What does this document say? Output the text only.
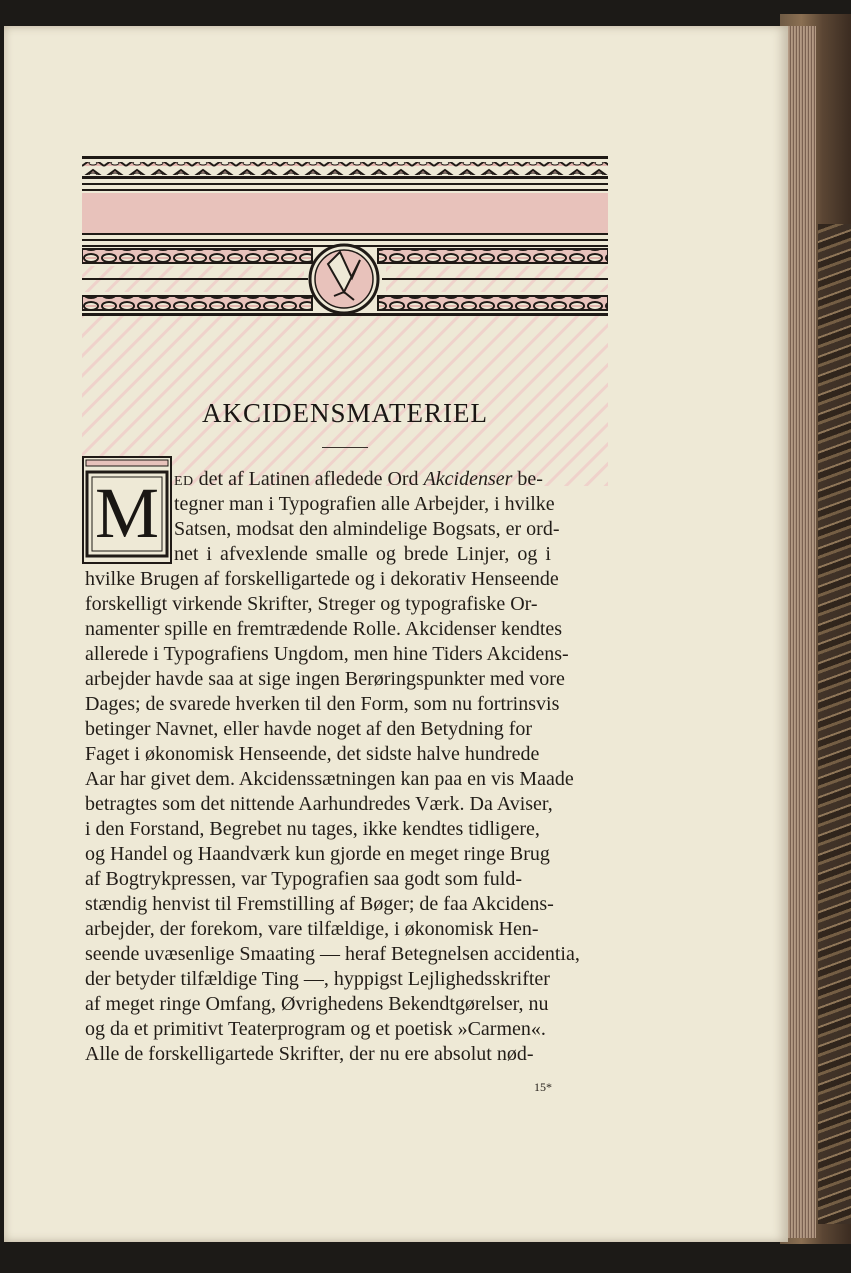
AKCIDENSMATERIEL
M ed det af Latinen afledede Ord Akcidenser be-
tegner man i Typografien alle Arbejder, i hvilke
Satsen, modsat den almindelige Bogsats, er ord-
net i afvexlende smalle og brede Linjer, og i
hvilke Brugen af forskelligartede og i dekorativ Henseende
forskelligt virkende Skrifter, Streger og typografiske Or-
namenter spille en fremtrædende Rolle. Akcidenser kendtes
allerede i Typografiens Ungdom, men hine Tiders Akcidens-
arbejder havde saa at sige ingen Berøringspunkter med vore
Dages; de svarede hverken til den Form, som nu fortrinsvis
betinger Navnet, eller havde noget af den Betydning for
Faget i økonomisk Henseende, det sidste halve hundrede
Aar har givet dem. Akcidenssætningen kan paa en vis Maade
betragtes som det nittende Aarhundredes Værk. Da Aviser,
i den Forstand, Begrebet nu tages, ikke kendtes tidligere,
og Handel og Haandværk kun gjorde en meget ringe Brug
af Bogtrykpressen, var Typografien saa godt som fuld-
stændig henvist til Fremstilling af Bøger; de faa Akcidens-
arbejder, der forekom, vare tilfældige, i økonomisk Hen-
seende uvæsenlige Smaating — heraf Betegnelsen accidentia,
der betyder tilfældige Ting —, hyppigst Lejlighedsskrifter
af meget ringe Omfang, Øvrighedens Bekendtgørelser, nu
og da et primitivt Teaterprogram og et poetisk »Carmen«.
Alle de forskelligartede Skrifter, der nu ere absolut nød-
15*
